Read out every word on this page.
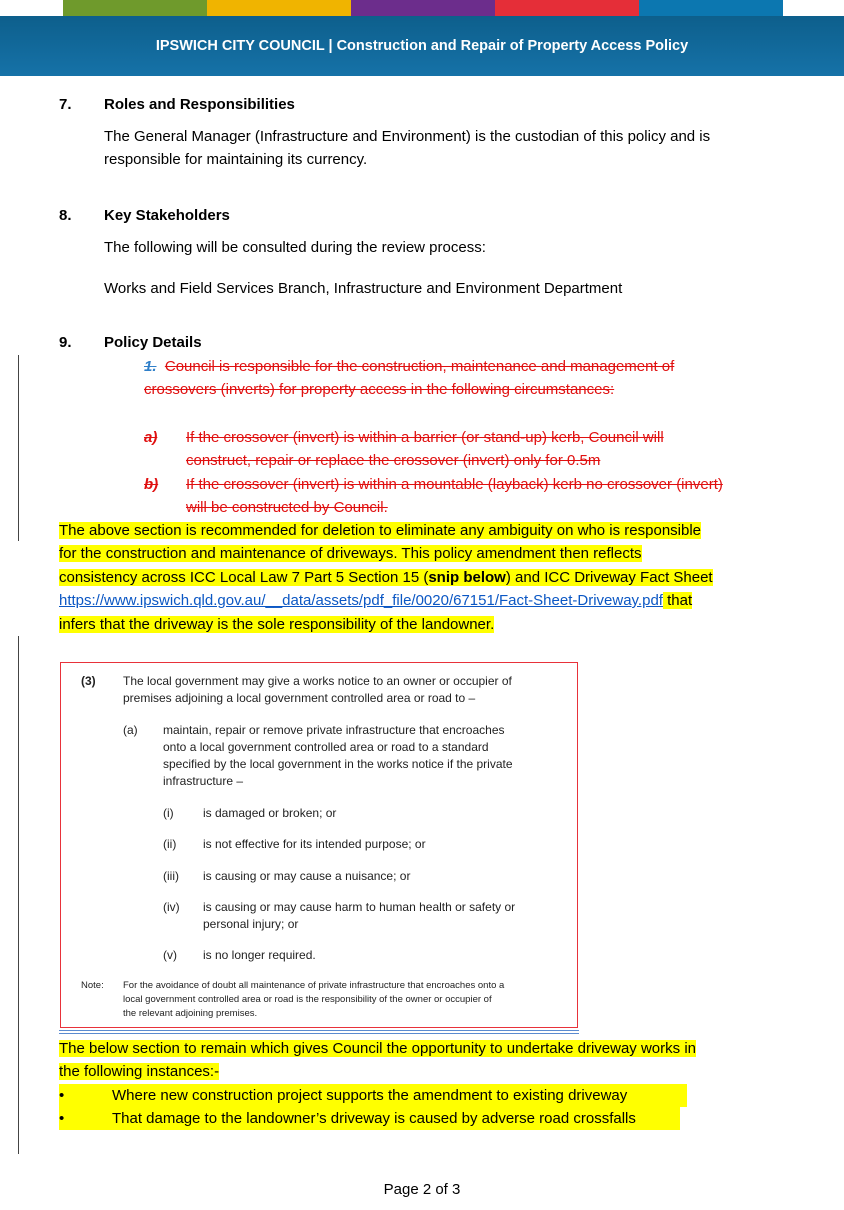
IPSWICH CITY COUNCIL | Construction and Repair of Property Access Policy
7. Roles and Responsibilities
The General Manager (Infrastructure and Environment) is the custodian of this policy and is
responsible for maintaining its currency.
8. Key Stakeholders
The following will be consulted during the review process:
Works and Field Services Branch, Infrastructure and Environment Department
9. Policy Details
1. Council is responsible for the construction, maintenance and management of
crossovers (inverts) for property access in the following circumstances:
a) If the crossover (invert) is within a barrier (or stand-up) kerb, Council will
construct, repair or replace the crossover (invert) only for 0.5m
b) If the crossover (invert) is within a mountable (layback) kerb no crossover (invert)
will be constructed by Council.
The above section is recommended for deletion to eliminate any ambiguity on who is responsible
for the construction and maintenance of driveways. This policy amendment then reflects
consistency across ICC Local Law 7 Part 5 Section 15 (snip below) and ICC Driveway Fact Sheet
https://www.ipswich.qld.gov.au/__data/assets/pdf_file/0020/67151/Fact-Sheet-Driveway.pdf that
infers that the driveway is the sole responsibility of the landowner.
(3) The local government may give a works notice to an owner or occupier of
premises adjoining a local government controlled area or road to –
(a) maintain, repair or remove private infrastructure that encroaches
onto a local government controlled area or road to a standard
specified by the local government in the works notice if the private
infrastructure –
(i) is damaged or broken; or
(ii) is not effective for its intended purpose; or
(iii) is causing or may cause a nuisance; or
(iv) is causing or may cause harm to human health or safety or
personal injury; or
(v) is no longer required.
Note: For the avoidance of doubt all maintenance of private infrastructure that encroaches onto a
local government controlled area or road is the responsibility of the owner or occupier of
the relevant adjoining premises.
The below section to remain which gives Council the opportunity to undertake driveway works in
the following instances:-
•	Where new construction project supports the amendment to existing driveway
•	That damage to the landowner’s driveway is caused by adverse road crossfalls
Page 2 of 3
